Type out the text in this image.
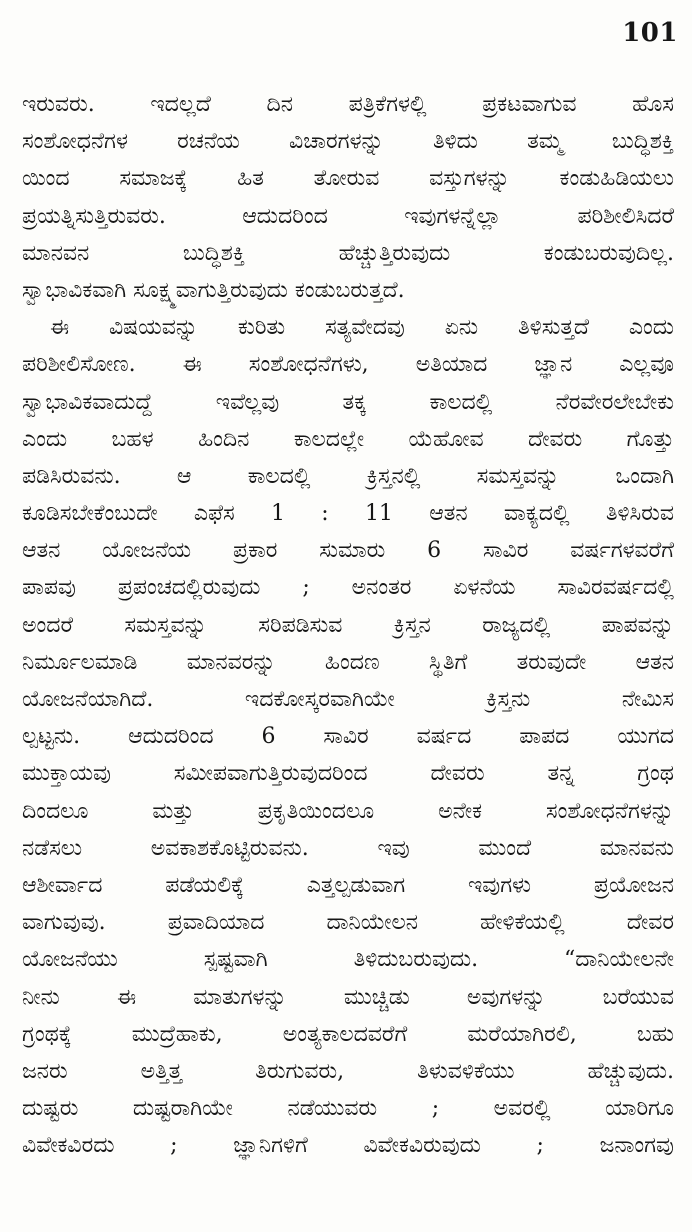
101
ಇರುವರು. ಇದಲ್ಲದೆ ದಿನ ಪತ್ರಿಕೆಗಳಲ್ಲಿ ಪ್ರಕಟವಾಗುವ ಹೊಸ
ಸಂಶೋಧನೆಗಳ ರಚನೆಯ ವಿಚಾರಗಳನ್ನು ತಿಳಿದು ತಮ್ಮ ಬುದ್ಧಿಶಕ್ತಿ
ಯಿಂದ ಸಮಾಜಕ್ಕೆ ಹಿತ ತೋರುವ ವಸ್ತುಗಳನ್ನು ಕಂಡುಹಿಡಿಯಲು
ಪ್ರಯತ್ನಿಸುತ್ತಿರುವರು. ಆದುದರಿಂದ ಇವುಗಳನ್ನೆಲ್ಲಾ ಪರಿಶೀಲಿಸಿದರೆ
ಮಾನವನ ಬುದ್ಧಿಶಕ್ತಿ ಹೆಚ್ಚುತ್ತಿರುವುದು ಕಂಡುಬರುವುದಿಲ್ಲ.
ಸ್ವಾಭಾವಿಕವಾಗಿ ಸೂಕ್ಷ್ಮವಾಗುತ್ತಿರುವುದು ಕಂಡುಬರುತ್ತದೆ.
ಈ ವಿಷಯವನ್ನು ಕುರಿತು ಸತ್ಯವೇದವು ಏನು ತಿಳಿಸುತ್ತದೆ ಎಂದು
ಪರಿಶೀಲಿಸೋಣ. ಈ ಸಂಶೋಧನೆಗಳು, ಅತಿಯಾದ ಜ್ಞಾನ ಎಲ್ಲವೂ
ಸ್ವಾಭಾವಿಕವಾದುದ್ದೆ ಇವೆಲ್ಲವು ತಕ್ಕ ಕಾಲದಲ್ಲಿ ನೆರವೇರಲೇಬೇಕು
ಎಂದು ಬಹಳ ಹಿಂದಿನ ಕಾಲದಲ್ಲೇ ಯೆಹೋವ ದೇವರು ಗೊತ್ತು
ಪಡಿಸಿರುವನು. ಆ ಕಾಲದಲ್ಲಿ ಕ್ರಿಸ್ತನಲ್ಲಿ ಸಮಸ್ತವನ್ನು ಒಂದಾಗಿ
ಕೂಡಿಸಬೇಕೆಂಬುದೇ ಎಫೆಸ 1 : 11 ಆತನ ವಾಕ್ಯದಲ್ಲಿ ತಿಳಿಸಿರುವ
ಆತನ ಯೋಜನೆಯ ಪ್ರಕಾರ ಸುಮಾರು 6 ಸಾವಿರ ವರ್ಷಗಳವರೆಗೆ
ಪಾಪವು ಪ್ರಪಂಚದಲ್ಲಿರುವುದು ; ಅನಂತರ ಏಳನೆಯ ಸಾವಿರವರ್ಷದಲ್ಲಿ
ಅಂದರೆ ಸಮಸ್ತವನ್ನು ಸರಿಪಡಿಸುವ ಕ್ರಿಸ್ತನ ರಾಜ್ಯದಲ್ಲಿ ಪಾಪವನ್ನು
ನಿರ್ಮೂಲಮಾಡಿ ಮಾನವರನ್ನು ಹಿಂದಣ ಸ್ಥಿತಿಗೆ ತರುವುದೇ ಆತನ
ಯೋಜನೆಯಾಗಿದೆ. ಇದಕೋಸ್ಕರವಾಗಿಯೇ ಕ್ರಿಸ್ತನು ನೇಮಿಸ
ಲ್ಪಟ್ಟನು. ಆದುದರಿಂದ 6 ಸಾವಿರ ವರ್ಷದ ಪಾಪದ ಯುಗದ
ಮುಕ್ತಾಯವು ಸಮೀಪವಾಗುತ್ತಿರುವುದರಿಂದ ದೇವರು ತನ್ನ ಗ್ರಂಥ
ದಿಂದಲೂ ಮತ್ತು ಪ್ರಕೃತಿಯಿಂದಲೂ ಅನೇಕ ಸಂಶೋಧನೆಗಳನ್ನು
ನಡೆಸಲು ಅವಕಾಶಕೊಟ್ಟಿರುವನು. ಇವು ಮುಂದೆ ಮಾನವನು
ಆಶೀರ್ವಾದ ಪಡೆಯಲಿಕ್ಕೆ ಎತ್ತಲ್ಪಡುವಾಗ ಇವುಗಳು ಪ್ರಯೋಜನ
ವಾಗುವುವು. ಪ್ರವಾದಿಯಾದ ದಾನಿಯೇಲನ ಹೇಳಿಕೆಯಲ್ಲಿ ದೇವರ
ಯೋಜನೆಯು ಸ್ಪಷ್ಟವಾಗಿ ತಿಳಿದುಬರುವುದು. “ದಾನಿಯೇಲನೇ
ನೀನು ಈ ಮಾತುಗಳನ್ನು ಮುಚ್ಚಿಡು ಅವುಗಳನ್ನು ಬರೆಯುವ
ಗ್ರಂಥಕ್ಕೆ ಮುದ್ರೆಹಾಕು, ಅಂತ್ಯಕಾಲದವರೆಗೆ ಮರೆಯಾಗಿರಲಿ, ಬಹು
ಜನರು ಅತ್ತಿತ್ತ ತಿರುಗುವರು, ತಿಳುವಳಿಕೆಯು ಹೆಚ್ಚುವುದು.
ದುಷ್ಟರು ದುಷ್ಟರಾಗಿಯೇ ನಡೆಯುವರು ; ಅವರಲ್ಲಿ ಯಾರಿಗೂ
ವಿವೇಕವಿರದು ; ಜ್ಞಾನಿಗಳಿಗೆ ವಿವೇಕವಿರುವುದು ; ಜನಾಂಗವು
